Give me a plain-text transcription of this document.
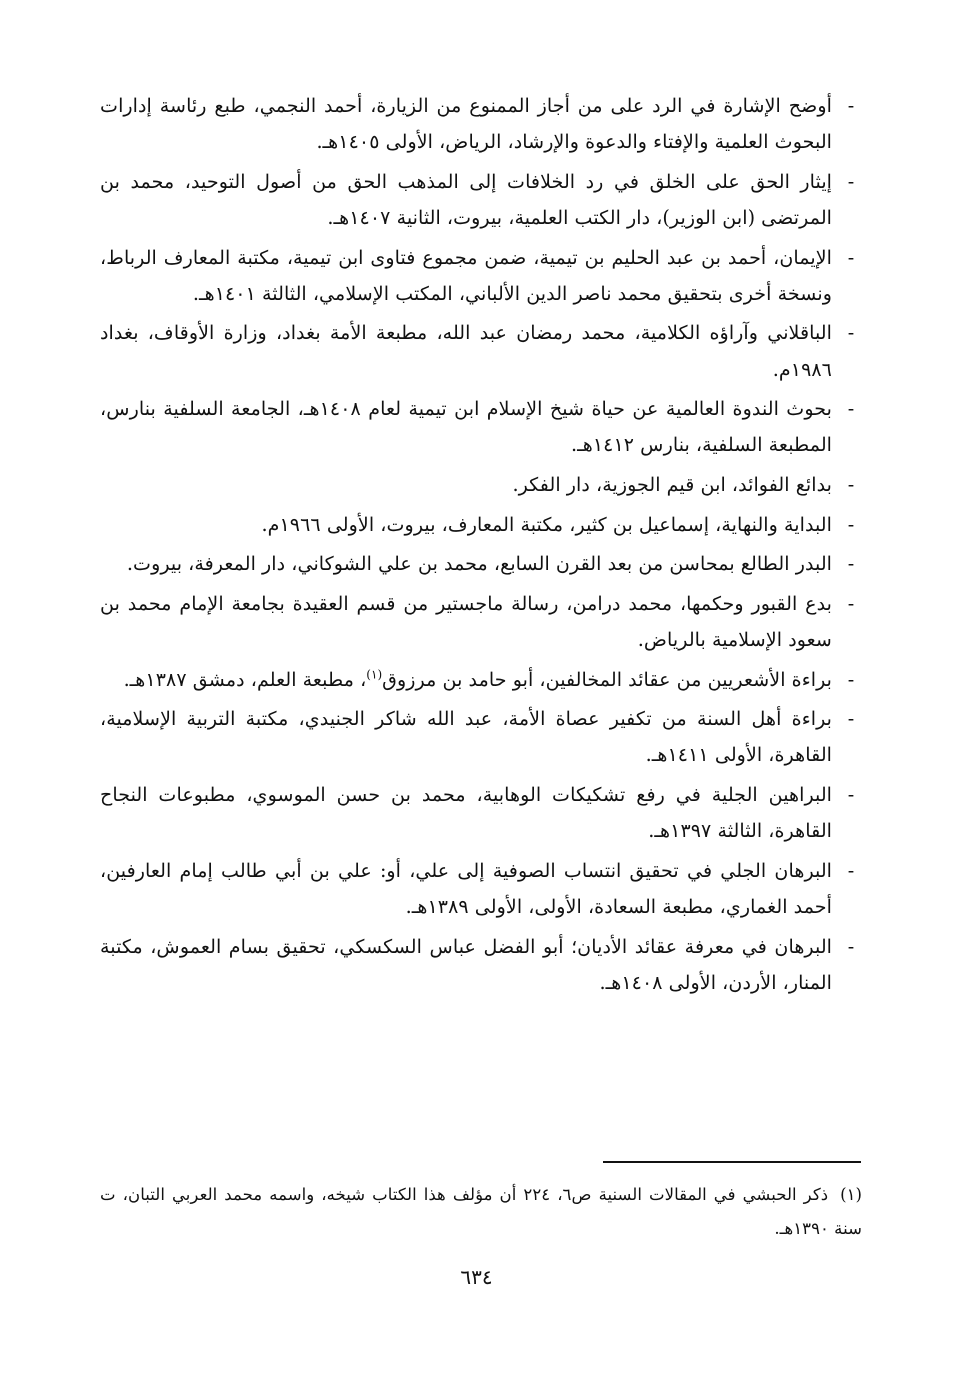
-
أوضح الإشارة في الرد على من أجاز الممنوع من الزيارة، أحمد النجمي، طبع رئاسة إدارات البحوث العلمية والإفتاء والدعوة والإرشاد، الرياض، الأولى ١٤٠٥هـ.
-
إيثار الحق على الخلق في رد الخلافات إلى المذهب الحق من أصول التوحيد، محمد بن المرتضى (ابن الوزير)، دار الكتب العلمية، بيروت، الثانية ١٤٠٧هـ.
-
الإيمان، أحمد بن عبد الحليم بن تيمية، ضمن مجموع فتاوى ابن تيمية، مكتبة المعارف الرباط، ونسخة أخرى بتحقيق محمد ناصر الدين الألباني، المكتب الإسلامي، الثالثة ١٤٠١هـ.
-
الباقلاني وآراؤه الكلامية، محمد رمضان عبد الله، مطبعة الأمة بغداد، وزارة الأوقاف، بغداد ١٩٨٦م.
-
بحوث الندوة العالمية عن حياة شيخ الإسلام ابن تيمية لعام ١٤٠٨هـ، الجامعة السلفية بنارس، المطبعة السلفية، بنارس ١٤١٢هـ.
-
بدائع الفوائد، ابن قيم الجوزية، دار الفكر.
-
البداية والنهاية، إسماعيل بن كثير، مكتبة المعارف، بيروت، الأولى ١٩٦٦م.
-
البدر الطالع بمحاسن من بعد القرن السابع، محمد بن علي الشوكاني، دار المعرفة، بيروت.
-
بدع القبور وحكمها، محمد درامن، رسالة ماجستير من قسم العقيدة بجامعة الإمام محمد بن سعود الإسلامية بالرياض.
-
براءة الأشعريين من عقائد المخالفين، أبو حامد بن مرزوق$^{(١)}$، مطبعة العلم، دمشق ١٣٨٧هـ.
-
براءة أهل السنة من تكفير عصاة الأمة، عبد الله شاكر الجنيدي، مكتبة التربية الإسلامية، القاهرة، الأولى ١٤١١هـ.
-
البراهين الجلية في رفع تشكيكات الوهابية، محمد بن حسن الموسوي، مطبوعات النجاح القاهرة، الثالثة ١٣٩٧هـ.
-
البرهان الجلي في تحقيق انتساب الصوفية إلى علي، أو: علي بن أبي طالب إمام العارفين، أحمد الغماري، مطبعة السعادة، الأولى، الأولى ١٣٨٩هـ.
-
البرهان في معرفة عقائد الأديان؛ أبو الفضل عباس السكسكي، تحقيق بسام العموش، مكتبة المنار، الأردن، الأولى ١٤٠٨هـ.
(١)ذكر الحبشي في المقالات السنية ص٦، ٢٢٤ أن مؤلف هذا الكتاب شيخه، واسمه محمد العربي التبان، ت سنة ١٣٩٠هـ.
٦٣٤
